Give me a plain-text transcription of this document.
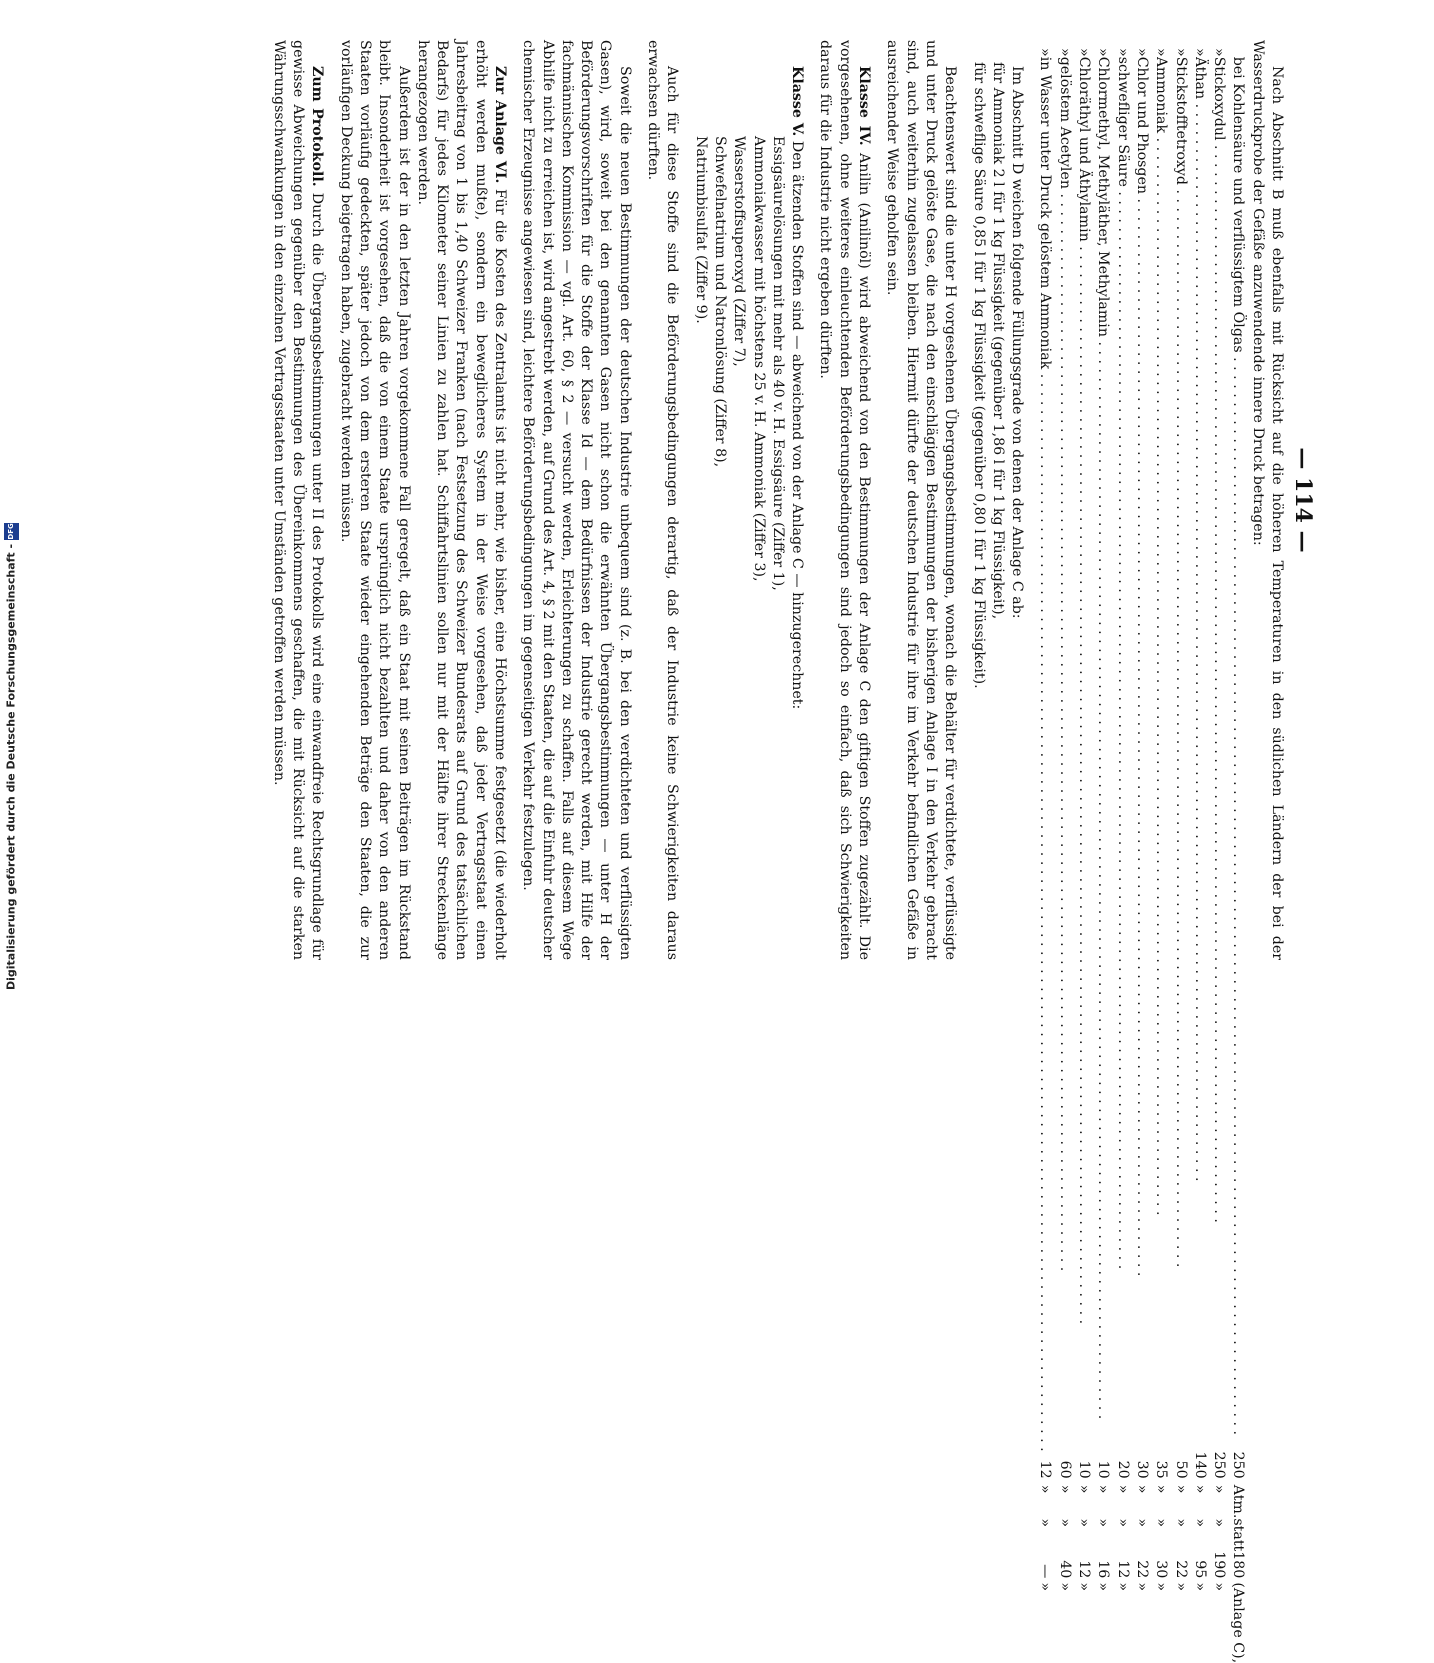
— 114 —

Nach Abschnitt B muß ebenfalls mit Rücksicht auf die höheren Temperaturen in den südlichen Ländern der bei der Wasserdruckprobe der Gefäße anzuwendende innere Druck betragen:

	bei Kohlensäure und verflüssigtem Ölgas . . . . . . . . . . . . . . . . . . . . . . . . . . . . . . . . . . . . . . . . . . . . . . . . . . . . . . . . . . . . . . . . . . . . . . . . . . . . . . . . . . . . . . . . . . . . . . . . . . . . . . . . . . . . . . . . . . . . . . . .	250	Atm.	statt	180	(Anlage C),
»	Stickoxydul . . . . . . . . . . . . . . . . . . . . . . . . . . . . . . . . . . . . . . . . . . . . . . . . . . . . . . . . . . . . . . . . . . . . . . . . . . . . . . . . . . . . . . . . . . . . . . . . . . . . . . . . . . . . . . . . . . . . . . . .	250	»	»	190	»
»	Äthan . . . . . . . . . . . . . . . . . . . . . . . . . . . . . . . . . . . . . . . . . . . . . . . . . . . . . . . . . . . . . . . . . . . . . . . . . . . . . . . . . . . . . . . . . . . . . . . . . . . . . . . . . . . . . . . . . . . . . . . .	140	»	»	95	»
»	Stickstofftetroxyd . . . . . . . . . . . . . . . . . . . . . . . . . . . . . . . . . . . . . . . . . . . . . . . . . . . . . . . . . . . . . . . . . . . . . . . . . . . . . . . . . . . . . . . . . . . . . . . . . . . . . . . . . . . . . . . . . . . . . . . .	50	»	»	22	»
»	Ammoniak . . . . . . . . . . . . . . . . . . . . . . . . . . . . . . . . . . . . . . . . . . . . . . . . . . . . . . . . . . . . . . . . . . . . . . . . . . . . . . . . . . . . . . . . . . . . . . . . . . . . . . . . . . . . . . . . . . . . . . . .	35	»	»	30	»
»	Chlor und Phosgen . . . . . . . . . . . . . . . . . . . . . . . . . . . . . . . . . . . . . . . . . . . . . . . . . . . . . . . . . . . . . . . . . . . . . . . . . . . . . . . . . . . . . . . . . . . . . . . . . . . . . . . . . . . . . . . . . . . . . . . .	30	»	»	22	»
»	schwefliger Säure . . . . . . . . . . . . . . . . . . . . . . . . . . . . . . . . . . . . . . . . . . . . . . . . . . . . . . . . . . . . . . . . . . . . . . . . . . . . . . . . . . . . . . . . . . . . . . . . . . . . . . . . . . . . . . . . . . . . . . . .	20	»	»	12	»
»	Chlormethyl, Methyläther, Methylamin . . . . . . . . . . . . . . . . . . . . . . . . . . . . . . . . . . . . . . . . . . . . . . . . . . . . . . . . . . . . . . . . . . . . . . . . . . . . . . . . . . . . . . . . . . . . . . . . . . . . . . . . . . . . . . . . . . . . . . . .	10	»	»	16	»
»	Chloräthyl und Äthylamin . . . . . . . . . . . . . . . . . . . . . . . . . . . . . . . . . . . . . . . . . . . . . . . . . . . . . . . . . . . . . . . . . . . . . . . . . . . . . . . . . . . . . . . . . . . . . . . . . . . . . . . . . . . . . . . . . . . . . . . .	10	»	»	12	»
»	gelöstem Acetylen . . . . . . . . . . . . . . . . . . . . . . . . . . . . . . . . . . . . . . . . . . . . . . . . . . . . . . . . . . . . . . . . . . . . . . . . . . . . . . . . . . . . . . . . . . . . . . . . . . . . . . . . . . . . . . . . . . . . . . . .	60	»	»	40	»
»	in Wasser unter Druck gelöstem Ammoniak . . . . . . . . . . . . . . . . . . . . . . . . . . . . . . . . . . . . . . . . . . . . . . . . . . . . . . . . . . . . . . . . . . . . . . . . . . . . . . . . . . . . . . . . . . . . . . . . . . . . . . . . . . . . . . . . . . . . . . . .	12	»	»	—	»

Im Abschnitt D weichen folgende Füllungsgrade von denen der Anlage C ab:

für Ammoniak 2 l für 1 kg Flüssigkeit (gegenüber 1,86 l für 1 kg Flüssigkeit),

für schweflige Säure 0,85 l für 1 kg Flüssigkeit (gegenüber 0,80 l für 1 kg Flüssigkeit).

Beachtenswert sind die unter H vorgesehenen Übergangsbestimmungen, wonach die Behälter für verdichtete, verflüssigte und unter Druck gelöste Gase, die nach den einschlägigen Bestimmungen der bisherigen Anlage I in den Verkehr gebracht sind, auch weiterhin zugelassen bleiben. Hiermit dürfte der deutschen Industrie für ihre im Verkehr befindlichen Gefäße in ausreichender Weise geholfen sein.

Klasse IV. Anilin (Anilinöl) wird abweichend von den Bestimmungen der Anlage C den giftigen Stoffen zugezählt. Die vorgesehenen, ohne weiteres einleuchtenden Beförderungsbedingungen sind jedoch so einfach, daß sich Schwierigkeiten daraus für die Industrie nicht ergeben dürften.

Klasse V. Den ätzenden Stoffen sind — abweichend von der Anlage C — hinzugerechnet:

Essigsäurelösungen mit mehr als 40 v. H. Essigsäure (Ziffer 1),

Ammoniakwasser mit höchstens 25 v. H. Ammoniak (Ziffer 3),

Wasserstoffsuperoxyd (Ziffer 7),

Schwefelnatrium und Natronlösung (Ziffer 8),

Natriumbisulfat (Ziffer 9).

Auch für diese Stoffe sind die Beförderungsbedingungen derartig, daß der Industrie keine Schwierigkeiten daraus erwachsen dürften.

Soweit die neuen Bestimmungen der deutschen Industrie unbequem sind (z. B. bei den verdichteten und verflüssigten Gasen), wird, soweit bei den genannten Gasen nicht schon die erwähnten Übergangsbestimmungen — unter H der Beförderungsvorschriften für die Stoffe der Klasse Id — dem Bedürfnissen der Industrie gerecht werden, mit Hilfe der fachmännischen Kommission — vgl. Art. 60, § 2 — versucht werden, Erleichterungen zu schaffen. Falls auf diesem Wege Abhilfe nicht zu erreichen ist, wird angestrebt werden, auf Grund des Art. 4, § 2 mit den Staaten, die auf die Einfuhr deutscher chemischer Erzeugnisse angewiesen sind, leichtere Beförderungsbedingungen im gegenseitigen Verkehr festzulegen.

Zur Anlage VI. Für die Kosten des Zentralamts ist nicht mehr, wie bisher, eine Höchstsumme festgesetzt (die wiederholt erhöht werden mußte), sondern ein beweglicheres System in der Weise vorgesehen, daß jeder Vertragsstaat einen Jahresbeitrag von 1 bis 1,40 Schweizer Franken (nach Festsetzung des Schweizer Bundesrats auf Grund des tatsächlichen Bedarfs) für jedes Kilometer seiner Linien zu zahlen hat. Schiffahrtslinien sollen nur mit der Hälfte ihrer Streckenlänge herangezogen werden.

Außerdem ist der in den letzten Jahren vorgekommene Fall geregelt, daß ein Staat mit seinen Beiträgen im Rückstand bleibt. Insonderheit ist vorgesehen, daß die von einem Staate ursprünglich nicht bezahlten und daher von den anderen Staaten vorläufig gedeckten, später jedoch von dem ersteren Staate wieder eingehenden Beträge den Staaten, die zur vorläufigen Deckung beigetragen haben, zugebracht werden müssen.

Zum Protokoll. Durch die Übergangsbestimmungen unter II des Protokolls wird eine einwandfreie Rechtsgrundlage für gewisse Abweichungen gegenüber den Bestimmungen des Übereinkommens geschaffen, die mit Rücksicht auf die starken Währungsschwankungen in den einzelnen Vertragsstaaten unter Umständen getroffen werden müssen.

Digitalisierung gefördert durch die Deutsche Forschungsgemeinschaft -DFG
